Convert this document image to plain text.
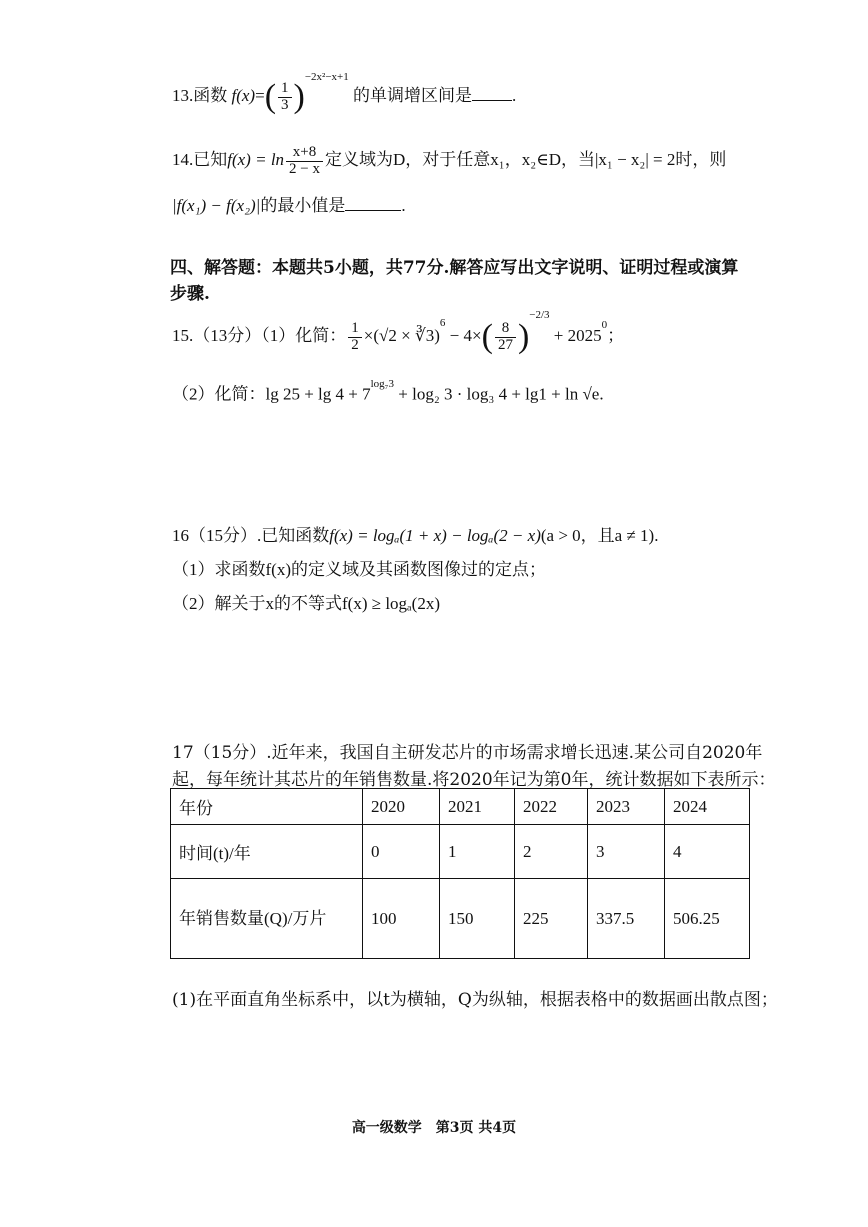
13.函数 $f(x)=( \frac{1}{3} )^{-2x^2-x+1}$ 的单调增区间是 .
14.已知$f(x) = \ln \frac{x+8}{2 - x}$ 定义域为D，对于任意x₁，x₂∈D，当|x₁ − x₂| = 2时，则
|f(x₁) − f(x₂)|的最小值是	.
四、解答题：本题共5小题，共77分.解答应写出文字说明、证明过程或演算
步骤.
15.（13分）（1）化简： $\frac{1}{2} \times(√2$ × ∛3)$^6$ − $4\times( \frac{8}{27} )^{-2/3} + 2025^0$；
（2）化简：$\lg 25 + \lg 4 + 7^{log_73} + \log_2$ 3 · log₃ 4 + lg1 + ln √e.
16（15分）.已知函数f(x) = logₐ(1 + x) − logₐ(2 − x)(a > 0，且a ≠ 1).
（1）求函数f(x)的定义域及其函数图像过的定点；
（2）解关于x的不等式f(x) ≥ logₐ(2x)
17（15分）.近年来，我国自主研发芯片的市场需求增长迅速.某公司自2020年
起，每年统计其芯片的年销售数量.将2020年记为第0年，统计数据如下表所示：
年份	2020	2021	2022	2023	2024
时间(t)/年	0	1	2	3	4
年销售数量(Q)/万片	100	150	225	337.5	506.25
(1)在平面直角坐标系中，以t为横轴，Q为纵轴，根据表格中的数据画出散点图；
高一级数学　第3页 共4页
